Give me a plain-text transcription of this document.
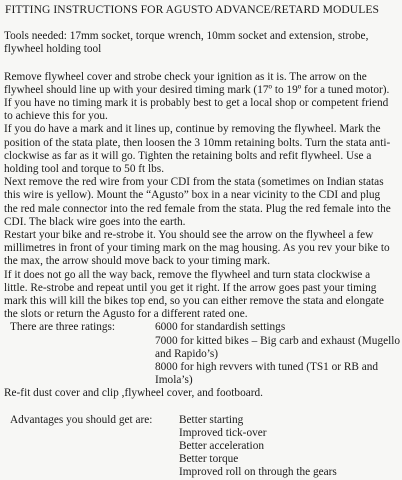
FITTING INSTRUCTIONS FOR AGUSTO ADVANCE/RETARD MODULES
Tools needed: 17mm socket, torque wrench, 10mm socket and extension, strobe,
flywheel holding tool
Remove flywheel cover and strobe check your ignition as it is. The arrow on the
flywheel should line up with your desired timing mark (17º to 19º for a tuned motor).
If you have no timing mark it is probably best to get a local shop or competent friend
to achieve this for you.
If you do have a mark and it lines up, continue by removing the flywheel. Mark the
position of the stata plate, then loosen the 3 10mm retaining bolts. Turn the stata anti-
clockwise as far as it will go. Tighten the retaining bolts and refit flywheel. Use a
holding tool and torque to 50 ft lbs.
Next remove the red wire from your CDI from the stata (sometimes on Indian statas
this wire is yellow). Mount the “Agusto” box in a near vicinity to the CDI and plug
the red male connector into the red female from the stata. Plug the red female into the
CDI. The black wire goes into the earth.
Restart your bike and re-strobe it. You should see the arrow on the flywheel a few
millimetres in front of your timing mark on the mag housing. As you rev your bike to
the max, the arrow should move back to your timing mark.
If it does not go all the way back, remove the flywheel and turn stata clockwise a
little. Re-strobe and repeat until you get it right. If the arrow goes past your timing
mark this will kill the bikes top end, so you can either remove the stata and elongate
the slots or return the Agusto for a different rated one.
There are three ratings:	6000 for standardish settings
7000 for kitted bikes – Big carb and exhaust (Mugello
and Rapido’s)
8000 for high revvers with tuned (TS1 or RB and
Imola’s)
Re-fit dust cover and clip ,flywheel cover, and footboard.
Advantages you should get are: Better starting
Improved tick-over
Better acceleration
Better torque
Improved roll on through the gears
